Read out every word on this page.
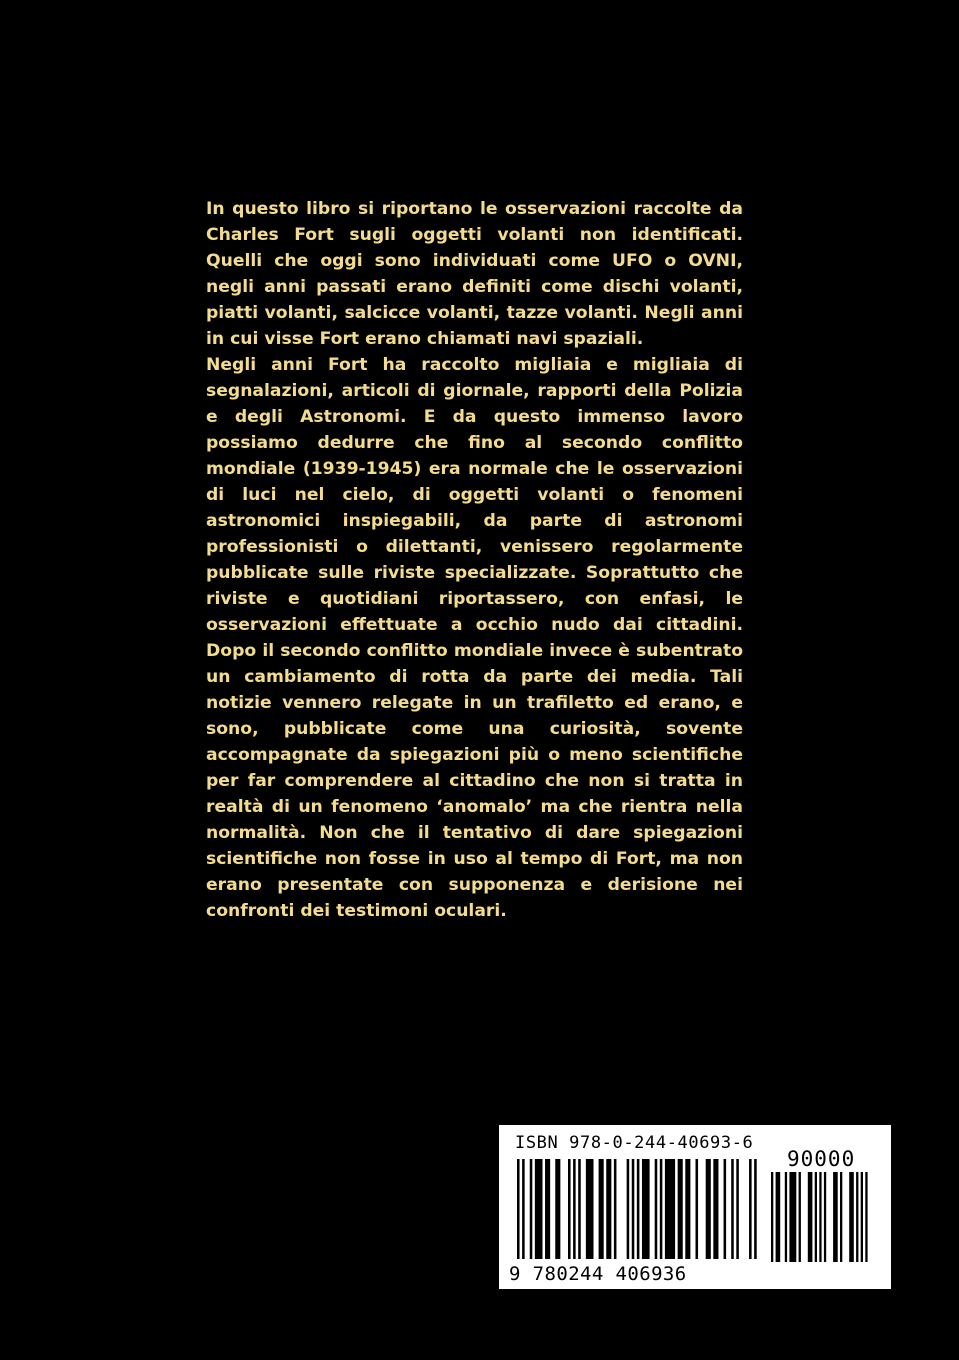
In questo libro si riportano le osservazioni raccolte da Charles Fort sugli oggetti volanti non identificati. Quelli che oggi sono individuati come UFO o OVNI, negli anni passati erano definiti come dischi volanti, piatti volanti, salcicce volanti, tazze volanti. Negli anni in cui visse Fort erano chiamati navi spaziali.

Negli anni Fort ha raccolto migliaia e migliaia di segnalazioni, articoli di giornale, rapporti della Polizia e degli Astronomi. E da questo immenso lavoro possiamo dedurre che fino al secondo conflitto mondiale (1939-1945) era normale che le osservazioni di luci nel cielo, di oggetti volanti o fenomeni astronomici inspiegabili, da parte di astronomi professionisti o dilettanti, venissero regolarmente pubblicate sulle riviste specializzate. Soprattutto che riviste e quotidiani riportassero, con enfasi, le osservazioni effettuate a occhio nudo dai cittadini. Dopo il secondo conflitto mondiale invece è subentrato un cambiamento di rotta da parte dei media. Tali notizie vennero relegate in un trafiletto ed erano, e sono, pubblicate come una curiosità, sovente accompagnate da spiegazioni più o meno scientifiche per far comprendere al cittadino che non si tratta in realtà di un fenomeno ‘anomalo’ ma che rientra nella normalità. Non che il tentativo di dare spiegazioni scientifiche non fosse in uso al tempo di Fort, ma non erano presentate con supponenza e derisione nei confronti dei testimoni oculari.

ISBN 978-0-244-40693-6
90000
9 780244 406936
